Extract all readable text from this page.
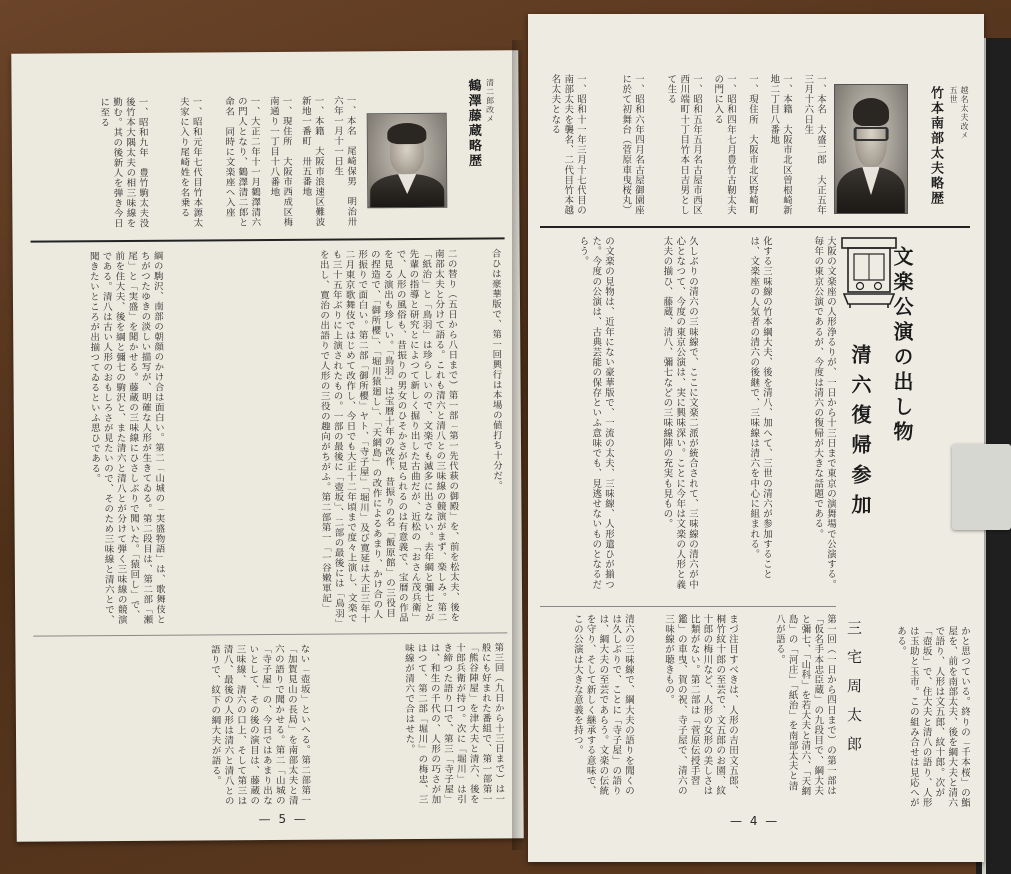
清二郎改メ

鶴澤藤蔵略歴

一、本名　尾崎保男　明治卅六年一月十一日生

一、本籍　大阪市浪速区難波新地一番町　卅五番地

一、現住所　大阪市西成区梅南通り一丁目十八番地

一、大正二年十一月鶴澤清六の門人となり、鶴澤清二郎と命名　同時に文楽座へ入座

一、昭和元年七代目竹本源太夫家に入り尾崎姓を名乗る

一、昭和九年　豊竹駒太夫没後竹本大隅太夫の相三味線を勤む。其の後新人を弾き今日に至る

合ひは豪華版で、第一回興行は本場の値打ち十分だ。

二の替り（五日から八日まで）第一部「第一先代萩の御殿」を、前を松太夫、後を南部太夫と分けて語る。これも清六と清八との三味線の競演がまず、楽しみ。第二「紙治」と「鳥羽」は珍らしいので、文楽でも滅多に出さない。去年綱と彌七とが先輩の指導と研究とによつて新しく掘り出した古曲だが、近松の「おさん茂兵衛」で、人形の風俗も、昔振りの男女のひそかさが見られるのは有意義で、宝暦の作品を見る演出も珍しい。「鳥羽」は宝暦十年の改作、昔振りの名「飯原館」の三役目の捏造で、「御所櫻」、「堀川猿廻し」、「天網島」の改作によるあまり、かけ合の人形振りで面白い。第二部「御所櫻」ヤト、「寺子屋」「堀川」及び寛延は大正三年十二月東京歌舞伎ではじめて改作し、今日でも大正十二年頃まで度々上演し、文楽でも三十五年ぶりに上演されたもの。一部の最後に「壺坂」、二部の最後には「鳥羽」を出し、寛治の出語りで人形の三役の趣向がちがふ。第二部第一「一谷嫩軍記」

綱の駒沢、南部の朝顔のかけ合は面白い。第二「山城の「実盛物語」は、歌舞伎とちがつたゆきの淡しい描写が、明確な人形が生きてゐる。第二段目は、第二部「瀬尾」と「実盛」を聞かせる。藤蔵の三味線にひさしぶりで聞いた。「猿回し」で、前を住大夫、後を綱と彌七の駒沢と、また清六と清八とが分けて弾く三味線の競演である。清八は古い人形のおもしろさが見たいので、そのため三味線と清六とで、聞きたいところが出揃つてゐるといふ思ひである。

第三回（九日から十三日まで）は一般にも好まれた番組で、第一部第一「熊谷陣屋」を津大夫と清六、後を十郎兵衛が持つ。次に「堀川」は引き締つた語り口で、第三「寺子屋」は、和生の千代の、人形の巧さが加はつて、第二部「堀川」の梅忠、三味線が清六で合はせた。

ない「壺坂」といへる。第二部第一「加賀見山の長局」を南部太夫と清六の語りで聞かせる。第二「山城の「寺子屋」の、今日ではあまり出ないとして、その後の演目は、藤蔵の三味線、清六の口上、そして第三は清八、最後の人形は清六と清八との語りで、紋下の綱大夫が語る。

— 5 —

越名太夫改メ　五世

竹本南部太夫略歴

一、本名　大盛二郎　大正五年三月十六日生

一、本籍　大阪市北区曽根崎新地二丁目八番地

一、現住所　大阪市北区野崎町

一、昭和四年七月豊竹古靭太夫の門に入る

一、昭和五年五月名古屋市西区西川端町十丁目竹本日吉男として生る

一、昭和六年四月名古屋御園座に於て初舞台（菅原車曳桜丸）

一、昭和十一年三月十七代目の南部太夫を襲名、二代目竹本越名太夫となる

文楽公演の出し物

清六復帰参加

三宅周太郎

大阪の文楽座の人形浄るりが、一日から十三日まで東京の演舞場で公演する。毎年の東京公演であるが、今度は清六の復帰が大きな話題である。

化する三味線の竹本綱大夫、後を清八、加へて、三世の清六が参加することは、文楽座の人気者の清六の後継で、三味線は清六を中心に組まれる。

久しぶりの清六の三味線で、ここに文楽二派が統合されて、三味線の清六が中心となつて、今度の東京公演は、実に興味深い。ことに今年は文楽の人形と義太夫の揃ひ、藤蔵、清八、彌七などの三味線陣の充実も見もの。

の文楽の見物は、近年にない豪華版で、一流の太夫、三味線、人形遣ひが揃つた。今度の公演は、古典芸能の保存といふ意味でも、見逃せないものとなるだらう。

第一回（一日から四日まで）の第一部は「仮名手本忠臣蔵」の九段目で、綱大夫と彌七、「山科」を若大夫と清六、「天網島」の「河庄」「紙治」を南部太夫と清八が語る。

まづ注目すべきは、人形の吉田文五郎、桐竹紋十郎の至芸で、文五郎のお園、紋十郎の梅川など、人形の女形の美しさは比類がない。第二部は「菅原伝授手習鑑」の車曳、賀の祝、寺子屋で、清六の三味線が聴きもの。

清六の三味線で、綱大夫の語りを聞くのは久しぶりで、ことに「寺子屋」の語りは、綱大夫の至芸であらう。文楽の伝統を守り、そして新しく継承する意味で、この公演は大きな意義を持つ。	かと思つている。終りの「千本桜」の鮨屋を、前を南部太夫、後を綱大夫と清六で語り、人形は文五郎、紋十郎。次が「壺坂」で、住大夫と清八の語り、人形は玉助と玉市。この組み合せは見応へがある。

— 4 —
